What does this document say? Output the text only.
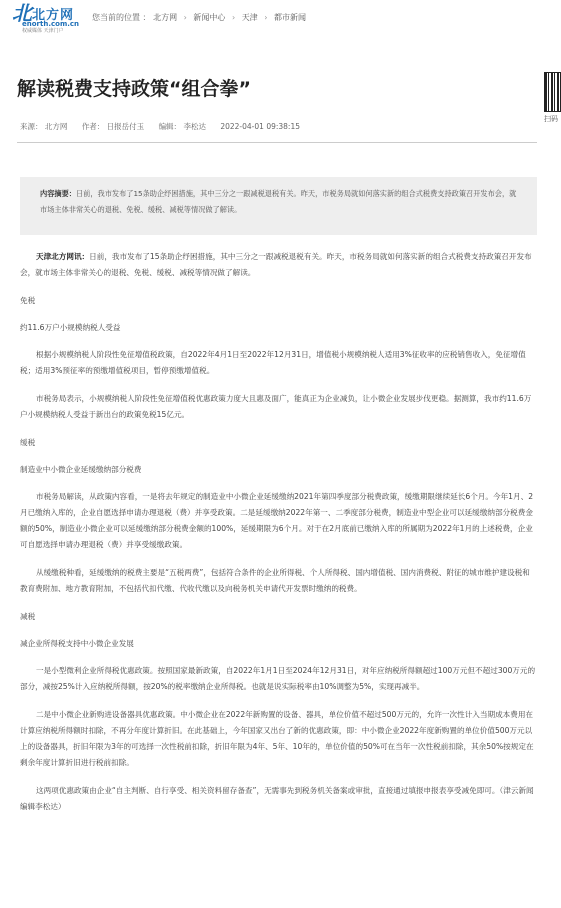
北 北方网
enorth.com.cn
权威媒体 天津门户
您当前的位置 ： 北方网 › 新闻中心 › 天津 › 都市新闻
解读税费支持政策“组合拳”
扫码
来源： 北方网 作者： 日报岳付玉 编辑： 李松达 2022-04-01 09:38:15
内容摘要：日前，我市发布了15条助企纾困措施，其中三分之一跟减税退税有关。昨天，市税务局就如何落实新的组合式税费支持政策召开发布会，就市场主体非常关心的退税、免税、缓税、减税等情况做了解读。

天津北方网讯：日前，我市发布了15条助企纾困措施，其中三分之一跟减税退税有关。昨天，市税务局就如何落实新的组合式税费支持政策召开发布会，就市场主体非常关心的退税、免税、缓税、减税等情况做了解读。

免税

约11.6万户小规模纳税人受益

根据小规模纳税人阶段性免征增值税政策，自2022年4月1日至2022年12月31日，增值税小规模纳税人适用3%征收率的应税销售收入，免征增值税；适用3%预征率的预缴增值税项目，暂停预缴增值税。

市税务局表示，小规模纳税人阶段性免征增值税优惠政策力度大且惠及面广，能真正为企业减负，让小微企业发展步伐更稳。据测算，我市约11.6万户小规模纳税人受益于新出台的政策免税15亿元。

缓税

制造业中小微企业延缓缴纳部分税费

市税务局解读，从政策内容看，一是将去年规定的制造业中小微企业延缓缴纳2021年第四季度部分税费政策，缓缴期限继续延长6个月。今年1月、2月已缴纳入库的，企业自愿选择申请办理退税（费）并享受政策。二是延缓缴纳2022年第一、二季度部分税费，制造业中型企业可以延缓缴纳部分税费金额的50%，制造业小微企业可以延缓缴纳部分税费金额的100%，延缓期限为6个月。对于在2月底前已缴纳入库的所属期为2022年1月的上述税费，企业可自愿选择申请办理退税（费）并享受缓缴政策。

从缓缴税种看，延缓缴纳的税费主要是“五税两费”，包括符合条件的企业所得税、个人所得税、国内增值税、国内消费税、附征的城市维护建设税和教育费附加、地方教育附加，不包括代扣代缴、代收代缴以及向税务机关申请代开发票时缴纳的税费。

减税

减企业所得税支持中小微企业发展

一是小型微利企业所得税优惠政策。按照国家最新政策，自2022年1月1日至2024年12月31日，对年应纳税所得额超过100万元但不超过300万元的部分，减按25%计入应纳税所得额，按20%的税率缴纳企业所得税。也就是说实际税率由10%调整为5%，实现再减半。

二是中小微企业新购进设备器具优惠政策。中小微企业在2022年新购置的设备、器具，单位价值不超过500万元的，允许一次性计入当期成本费用在计算应纳税所得额时扣除，不再分年度计算折旧。在此基础上，今年国家又出台了新的优惠政策，即：中小微企业2022年度新购置的单位价值500万元以上的设备器具，折旧年限为3年的可选择一次性税前扣除，折旧年限为4年、5年、10年的，单位价值的50%可在当年一次性税前扣除，其余50%按规定在剩余年度计算折旧进行税前扣除。

这两项优惠政策由企业“自主判断、自行享受、相关资料留存备查”，无需事先到税务机关备案或审批，直接通过填报申报表享受减免即可。（津云新闻编辑李松达）
